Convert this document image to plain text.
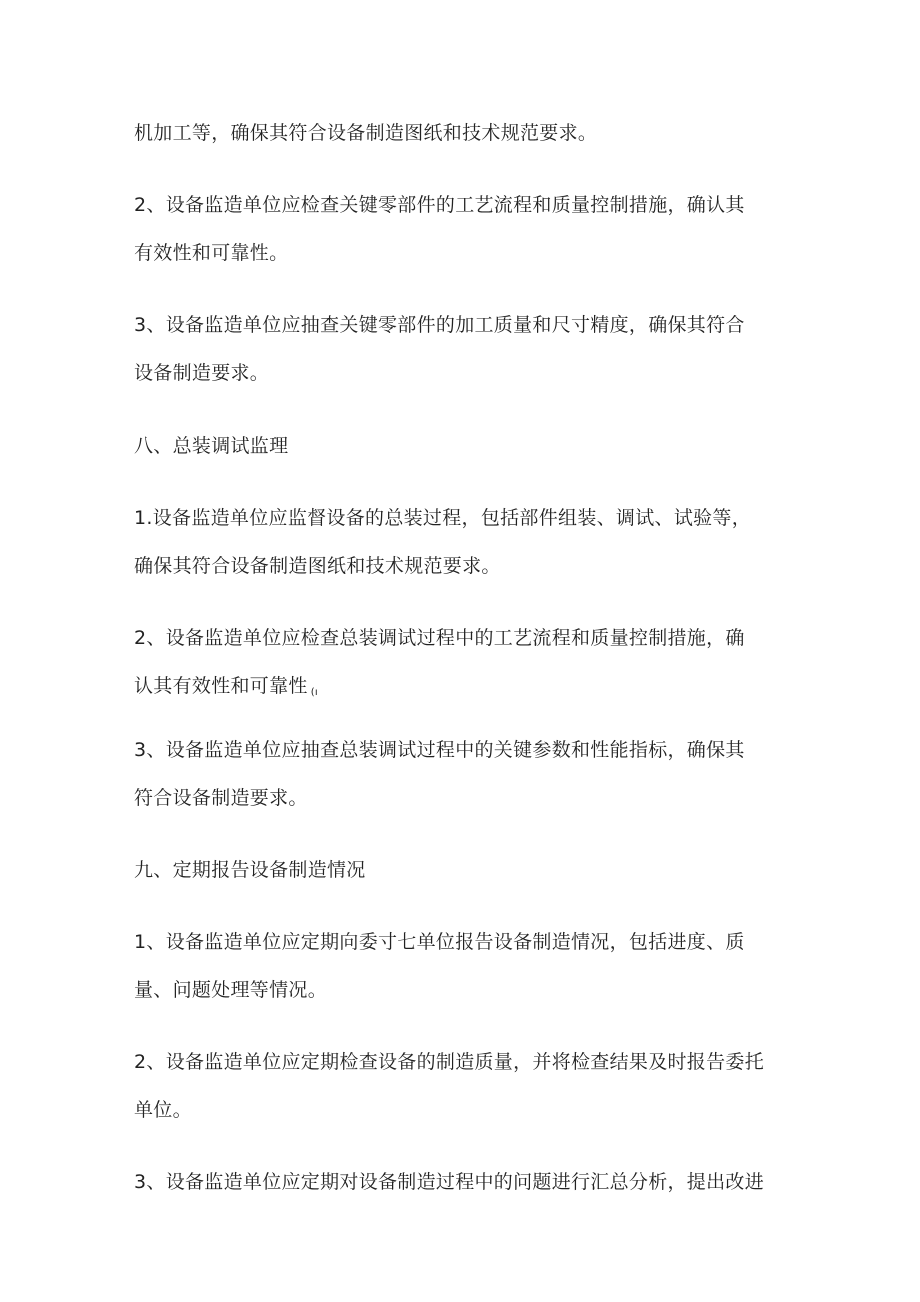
机加工等，确保其符合设备制造图纸和技术规范要求。
2、设备监造单位应检查关键零部件的工艺流程和质量控制措施，确认其
有效性和可靠性。
3、设备监造单位应抽查关键零部件的加工质量和尺寸精度，确保其符合
设备制造要求。
八、总装调试监理
1.设备监造单位应监督设备的总装过程，包括部件组装、调试、试验等，
确保其符合设备制造图纸和技术规范要求。
2、设备监造单位应检查总装调试过程中的工艺流程和质量控制措施，确
认其有效性和可靠性 (ı
3、设备监造单位应抽查总装调试过程中的关键参数和性能指标，确保其
符合设备制造要求。
九、定期报告设备制造情况
1、设备监造单位应定期向委寸七单位报告设备制造情况，包括进度、质
量、问题处理等情况。
2、设备监造单位应定期检查设备的制造质量，并将检查结果及时报告委托
单位。
3、设备监造单位应定期对设备制造过程中的问题进行汇总分析，提出改进
